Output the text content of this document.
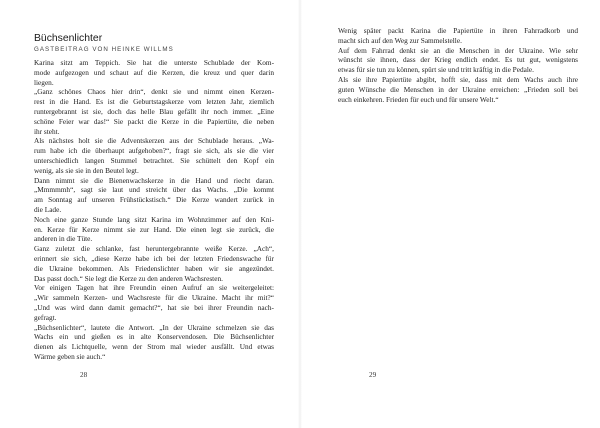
Büchsenlichter
GASTBEITRAG VON HEINKE WILLMS
Karina sitzt am Teppich. Sie hat die unterste Schublade der Kom-
mode aufgezogen und schaut auf die Kerzen, die kreuz und quer darin
liegen.
„Ganz schönes Chaos hier drin“, denkt sie und nimmt einen Kerzen-
rest in die Hand. Es ist die Geburtstagskerze vom letzten Jahr, ziemlich
runtergebrannt ist sie, doch das helle Blau gefällt ihr noch immer. „Eine
schöne Feier war das!“ Sie packt die Kerze in die Papiertüte, die neben
ihr steht.
Als nächstes holt sie die Adventskerzen aus der Schublade heraus. „Wa-
rum habe ich die überhaupt aufgehoben?“, fragt sie sich, als sie die vier
unterschiedlich langen Stummel betrachtet. Sie schüttelt den Kopf ein
wenig, als sie sie in den Beutel legt.
Dann nimmt sie die Bienenwachskerze in die Hand und riecht daran.
„Mmmmmh“, sagt sie laut und streicht über das Wachs. „Die kommt
am Sonntag auf unseren Frühstückstisch.“ Die Kerze wandert zurück in
die Lade.
Noch eine ganze Stunde lang sitzt Karina im Wohnzimmer auf den Kni-
en. Kerze für Kerze nimmt sie zur Hand. Die einen legt sie zurück, die
anderen in die Tüte.
Ganz zuletzt die schlanke, fast heruntergebrannte weiße Kerze. „Ach“,
erinnert sie sich, „diese Kerze habe ich bei der letzten Friedenswache für
die Ukraine bekommen. Als Friedenslichter haben wir sie angezündet.
Das passt doch.“ Sie legt die Kerze zu den anderen Wachsresten.
Vor einigen Tagen hat ihre Freundin einen Aufruf an sie weitergeleitet:
„Wir sammeln Kerzen- und Wachsreste für die Ukraine. Macht ihr mit?“
„Und was wird dann damit gemacht?“, hat sie bei ihrer Freundin nach-
gefragt.
„Büchsenlichter“, lautete die Antwort. „In der Ukraine schmelzen sie das
Wachs ein und gießen es in alte Konservendosen. Die Büchsenlichter
dienen als Lichtquelle, wenn der Strom mal wieder ausfällt. Und etwas
Wärme geben sie auch.“
28
Wenig später packt Karina die Papiertüte in ihren Fahrradkorb und
macht sich auf den Weg zur Sammelstelle.
Auf dem Fahrrad denkt sie an die Menschen in der Ukraine. Wie sehr
wünscht sie ihnen, dass der Krieg endlich endet. Es tut gut, wenigstens
etwas für sie tun zu können, spürt sie und tritt kräftig in die Pedale.
Als sie ihre Papiertüte abgibt, hofft sie, dass mit dem Wachs auch ihre
guten Wünsche die Menschen in der Ukraine erreichen: „Frieden soll bei
euch einkehren. Frieden für euch und für unsere Welt.“
29
